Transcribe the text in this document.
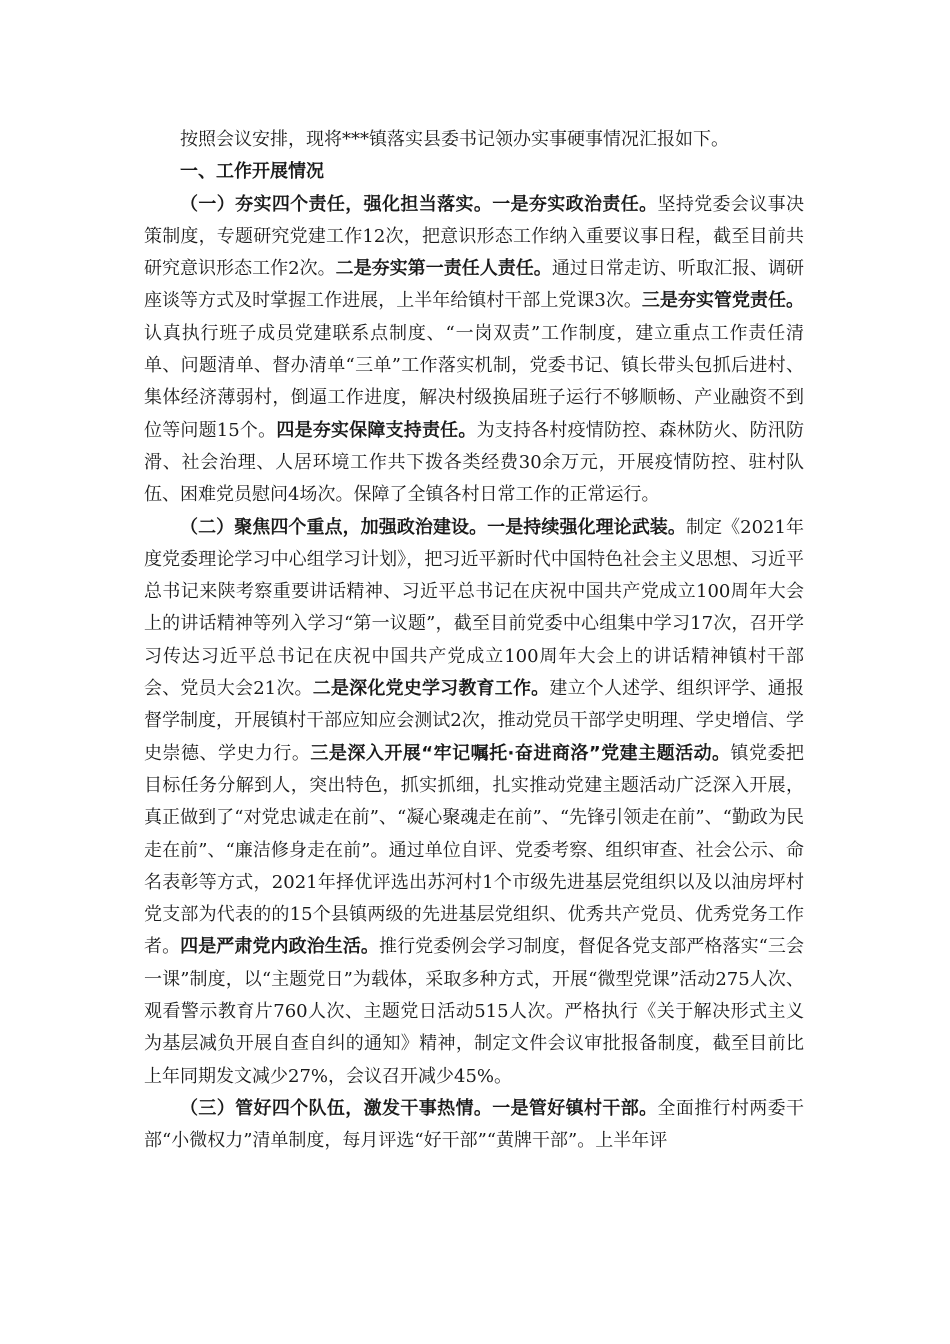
按照会议安排，现将***镇落实县委书记领办实事硬事情况汇报如下。

一、工作开展情况

（一）夯实四个责任，强化担当落实。一是夯实政治责任。坚持党委会议事决策制度，专题研究党建工作12次，把意识形态工作纳入重要议事日程，截至目前共研究意识形态工作2次。二是夯实第一责任人责任。通过日常走访、听取汇报、调研座谈等方式及时掌握工作进展，上半年给镇村干部上党课3次。三是夯实管党责任。认真执行班子成员党建联系点制度、“一岗双责”工作制度，建立重点工作责任清单、问题清单、督办清单“三单”工作落实机制，党委书记、镇长带头包抓后进村、集体经济薄弱村，倒逼工作进度，解决村级换届班子运行不够顺畅、产业融资不到位等问题15个。四是夯实保障支持责任。为支持各村疫情防控、森林防火、防汛防滑、社会治理、人居环境工作共下拨各类经费30余万元，开展疫情防控、驻村队伍、困难党员慰问4场次。保障了全镇各村日常工作的正常运行。

（二）聚焦四个重点，加强政治建设。一是持续强化理论武装。制定《2021年度党委理论学习中心组学习计划》，把习近平新时代中国特色社会主义思想、习近平总书记来陕考察重要讲话精神、习近平总书记在庆祝中国共产党成立100周年大会上的讲话精神等列入学习“第一议题”，截至目前党委中心组集中学习17次，召开学习传达习近平总书记在庆祝中国共产党成立100周年大会上的讲话精神镇村干部会、党员大会21次。二是深化党史学习教育工作。建立个人述学、组织评学、通报督学制度，开展镇村干部应知应会测试2次，推动党员干部学史明理、学史增信、学史崇德、学史力行。三是深入开展“牢记嘱托·奋进商洛”党建主题活动。镇党委把目标任务分解到人，突出特色，抓实抓细，扎实推动党建主题活动广泛深入开展，真正做到了“对党忠诚走在前”、“凝心聚魂走在前”、“先锋引领走在前”、“勤政为民走在前”、“廉洁修身走在前”。通过单位自评、党委考察、组织审查、社会公示、命名表彰等方式，2021年择优评选出苏河村1个市级先进基层党组织以及以油房坪村党支部为代表的的15个县镇两级的先进基层党组织、优秀共产党员、优秀党务工作者。四是严肃党内政治生活。推行党委例会学习制度，督促各党支部严格落实“三会一课”制度，以“主题党日”为载体，采取多种方式，开展“微型党课”活动275人次、观看警示教育片760人次、主题党日活动515人次。严格执行《关于解决形式主义为基层减负开展自查自纠的通知》精神，制定文件会议审批报备制度，截至目前比上年同期发文减少27%，会议召开减少45%。

（三）管好四个队伍，激发干事热情。一是管好镇村干部。全面推行村两委干部“小微权力”清单制度，每月评选“好干部”“黄牌干部”。上半年评
